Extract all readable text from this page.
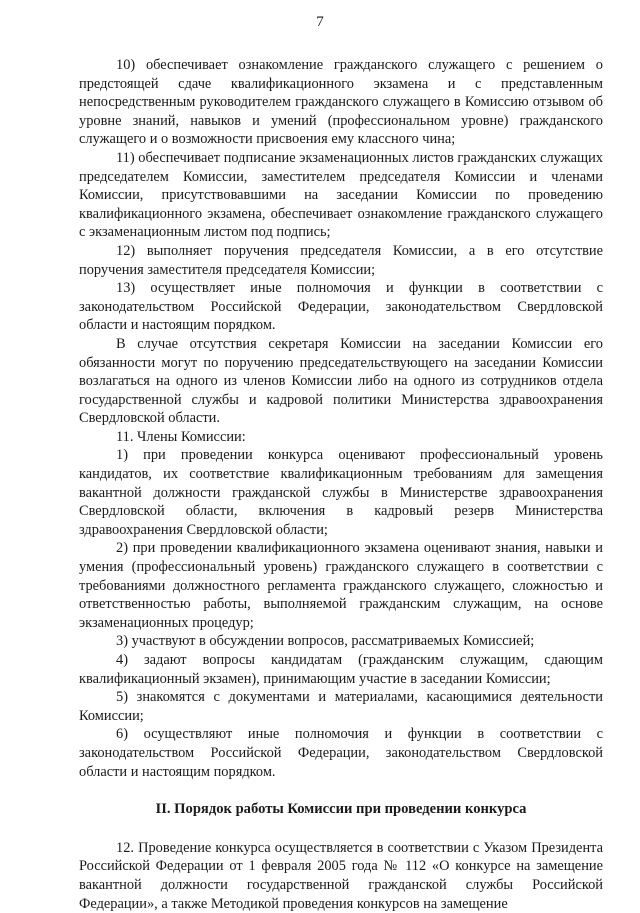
7

10) обеспечивает ознакомление гражданского служащего с решением о предстоящей сдаче квалификационного экзамена и с представленным непосредственным руководителем гражданского служащего в Комиссию отзывом об уровне знаний, навыков и умений (профессиональном уровне) гражданского служащего и о возможности присвоения ему классного чина;

11) обеспечивает подписание экзаменационных листов гражданских служащих председателем Комиссии, заместителем председателя Комиссии и членами Комиссии, присутствовавшими на заседании Комиссии по проведению квалификационного экзамена, обеспечивает ознакомление гражданского служащего с экзаменационным листом под подпись;

12) выполняет поручения председателя Комиссии, а в его отсутствие поручения заместителя председателя Комиссии;

13) осуществляет иные полномочия и функции в соответствии с законодательством Российской Федерации, законодательством Свердловской области и настоящим порядком.

В случае отсутствия секретаря Комиссии на заседании Комиссии его обязанности могут по поручению председательствующего на заседании Комиссии возлагаться на одного из членов Комиссии либо на одного из сотрудников отдела государственной службы и кадровой политики Министерства здравоохранения Свердловской области.

11. Члены Комиссии:

1) при проведении конкурса оценивают профессиональный уровень кандидатов, их соответствие квалификационным требованиям для замещения вакантной должности гражданской службы в Министерстве здравоохранения Свердловской области, включения в кадровый резерв Министерства здравоохранения Свердловской области;

2) при проведении квалификационного экзамена оценивают знания, навыки и умения (профессиональный уровень) гражданского служащего в соответствии с требованиями должностного регламента гражданского служащего, сложностью и ответственностью работы, выполняемой гражданским служащим, на основе экзаменационных процедур;

3) участвуют в обсуждении вопросов, рассматриваемых Комиссией;

4) задают вопросы кандидатам (гражданским служащим, сдающим квалификационный экзамен), принимающим участие в заседании Комиссии;

5) знакомятся с документами и материалами, касающимися деятельности Комиссии;

6) осуществляют иные полномочия и функции в соответствии с законодательством Российской Федерации, законодательством Свердловской области и настоящим порядком.

II. Порядок работы Комиссии при проведении конкурса

12. Проведение конкурса осуществляется в соответствии с Указом Президента Российской Федерации от 1 февраля 2005 года № 112 «О конкурсе на замещение вакантной должности государственной гражданской службы Российской Федерации», а также Методикой проведения конкурсов на замещение
